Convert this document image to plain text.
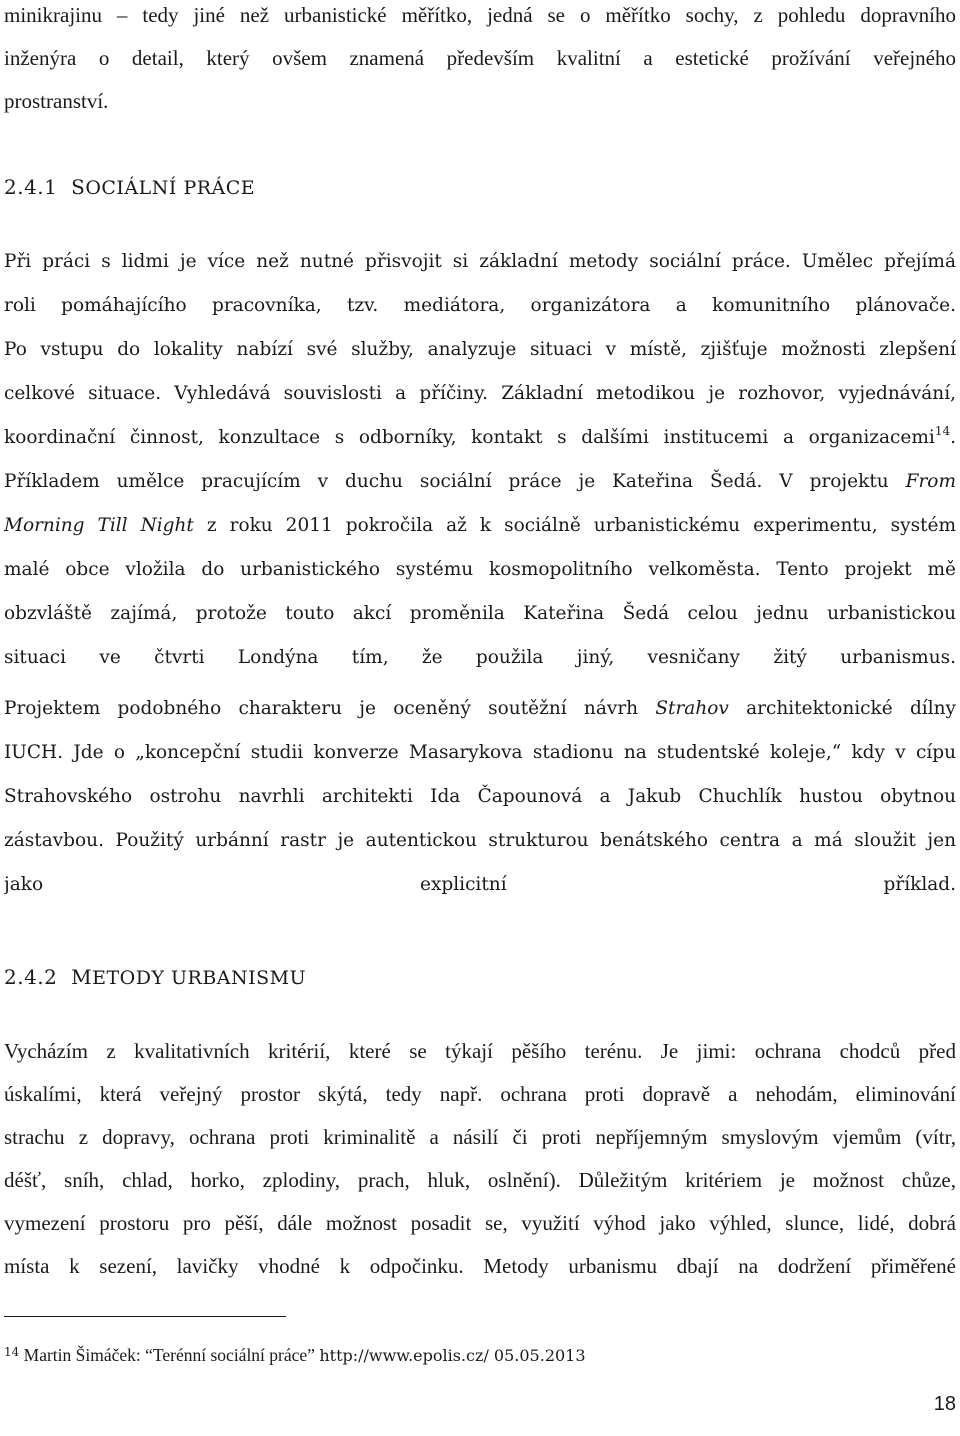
minikrajinu – tedy jiné než urbanistické měřítko, jedná se o měřítko sochy, z pohledu dopravního
inženýra o detail, který ovšem znamená především kvalitní a estetické prožívání veřejného
prostranství.
2.4.1 SOCIÁLNÍ PRÁCE
Při práci s lidmi je více než nutné přisvojit si základní metody sociální práce. Umělec přejímá
roli pomáhajícího pracovníka, tzv. mediátora, organizátora a komunitního plánovače.
Po vstupu do lokality nabízí své služby, analyzuje situaci v místě, zjišťuje možnosti zlepšení
celkové situace. Vyhledává souvislosti a příčiny. Základní metodikou je rozhovor, vyjednávání,
koordinační činnost, konzultace s odborníky, kontakt s dalšími institucemi a organizacemi$^{14}$.
Příkladem umělce pracujícím v duchu sociální práce je Kateřina Šedá. V projektu From
Morning Till Night z roku 2011 pokročila až k sociálně urbanistickému experimentu, systém
malé obce vložila do urbanistického systému kosmopolitního velkoměsta. Tento projekt mě
obzvláště zajímá, protože touto akcí proměnila Kateřina Šedá celou jednu urbanistickou
situaci ve čtvrti Londýna tím, že použila jiný, vesničany žitý urbanismus.
Projektem podobného charakteru je oceněný soutěžní návrh Strahov architektonické dílny
IUCH. Jde o „koncepční studii konverze Masarykova stadionu na studentské koleje,“ kdy v cípu
Strahovského ostrohu navrhli architekti Ida Čapounová a Jakub Chuchlík hustou obytnou
zástavbou. Použitý urbánní rastr je autentickou strukturou benátského centra a má sloužit jen
jako explicitní příklad.
2.4.2 METODY URBANISMU
Vycházím z kvalitativních kritérií, které se týkají pěšího terénu. Je jimi: ochrana chodců před
úskalími, která veřejný prostor skýtá, tedy např. ochrana proti dopravě a nehodám, eliminování
strachu z dopravy, ochrana proti kriminalitě a násilí či proti nepříjemným smyslovým vjemům (vítr,
déšť, sníh, chlad, horko, zplodiny, prach, hluk, oslnění). Důležitým kritériem je možnost chůze,
vymezení prostoru pro pěší, dále možnost posadit se, využití výhod jako výhled, slunce, lidé, dobrá
místa k sezení, lavičky vhodné k odpočinku. Metody urbanismu dbají na dodržení přiměřené
$^{14}$ Martin Šimáček: “Terénní sociální práce” http://www.epolis.cz/ 05.05.2013
18
